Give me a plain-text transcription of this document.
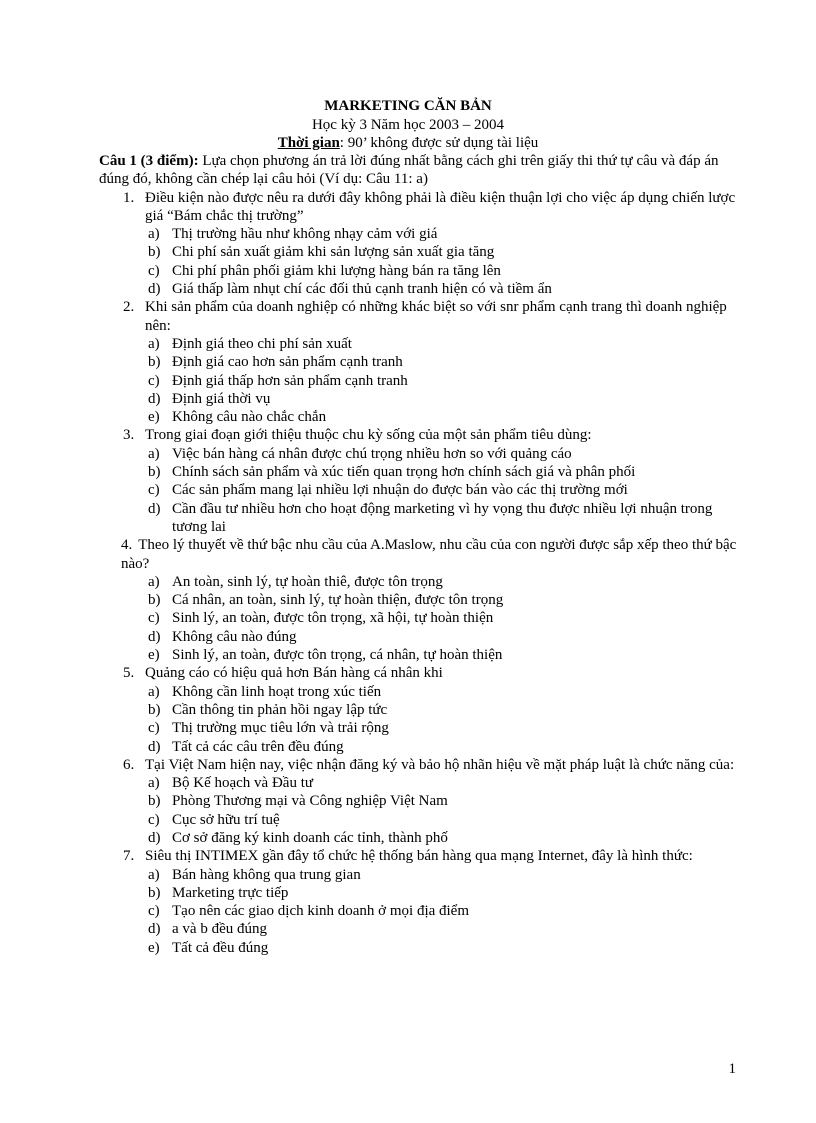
MARKETING CĂN BẢN
Học kỳ 3 Năm học 2003 – 2004
Thời gian: 90’ không được sử dụng tài liệu
Câu 1 (3 điểm): Lựa chọn phương án trả lời đúng nhất bằng cách ghi trên giấy thi thứ tự câu và đáp án đúng đó, không cần chép lại câu hỏi (Ví dụ: Câu 11: a)
1. Điều kiện nào được nêu ra dưới đây không phải là điều kiện thuận lợi cho việc áp dụng chiến lược giá “Bám chắc thị trường”
a) Thị trường hầu như không nhạy cảm với giá
b) Chi phí sản xuất giảm khi sản lượng sản xuất gia tăng
c) Chi phí phân phối giảm khi lượng hàng bán ra tăng lên
d) Giá thấp làm nhụt chí các đối thủ cạnh tranh hiện có và tiềm ẩn
2. Khi sản phẩm của doanh nghiệp có những khác biệt so với snr phẩm cạnh trang thì doanh nghiệp nên:
a) Định giá theo chi phí sản xuất
b) Định giá cao hơn sản phẩm cạnh tranh
c) Định giá thấp hơn sản phẩm cạnh tranh
d) Định giá thời vụ
e) Không câu nào chắc chắn
3. Trong giai đoạn giới thiệu thuộc chu kỳ sống của một sản phẩm tiêu dùng:
a) Việc bán hàng cá nhân được chú trọng nhiều hơn so với quảng cáo
b) Chính sách sản phẩm và xúc tiến quan trọng hơn chính sách giá và phân phối
c) Các sản phẩm mang lại nhiều lợi nhuận do được bán vào các thị trường mới
d) Cần đầu tư nhiều hơn cho hoạt động marketing vì hy vọng thu được nhiều lợi nhuận trong tương lai
4. Theo lý thuyết về thứ bậc nhu cầu của A.Maslow, nhu cầu của con người được sắp xếp theo thứ bậc nào?
a) An toàn, sinh lý, tự hoàn thiê, được tôn trọng
b) Cá nhân, an toàn, sinh lý, tự hoàn thiện, được tôn trọng
c) Sinh lý, an toàn, được tôn trọng, xã hội, tự hoàn thiện
d) Không câu nào đúng
e) Sinh lý, an toàn, được tôn trọng, cá nhân, tự hoàn thiện
5. Quảng cáo có hiệu quả hơn Bán hàng cá nhân khi
a) Không cần linh hoạt trong xúc tiến
b) Cần thông tin phản hồi ngay lập tức
c) Thị trường mục tiêu lớn và trải rộng
d) Tất cả các câu trên đều đúng
6. Tại Việt Nam hiện nay, việc nhận đăng ký và bảo hộ nhãn hiệu về mặt pháp luật là chức năng của:
a) Bộ Kế hoạch và Đầu tư
b) Phòng Thương mại và Công nghiệp Việt Nam
c) Cục sở hữu trí tuệ
d) Cơ sở đăng ký kinh doanh các tỉnh, thành phố
7. Siêu thị INTIMEX gần đây tổ chức hệ thống bán hàng qua mạng Internet, đây là hình thức:
a) Bán hàng không qua trung gian
b) Marketing trực tiếp
c) Tạo nên các giao dịch kinh doanh ở mọi địa điểm
d) a và b đều đúng
e) Tất cả đều đúng
1
